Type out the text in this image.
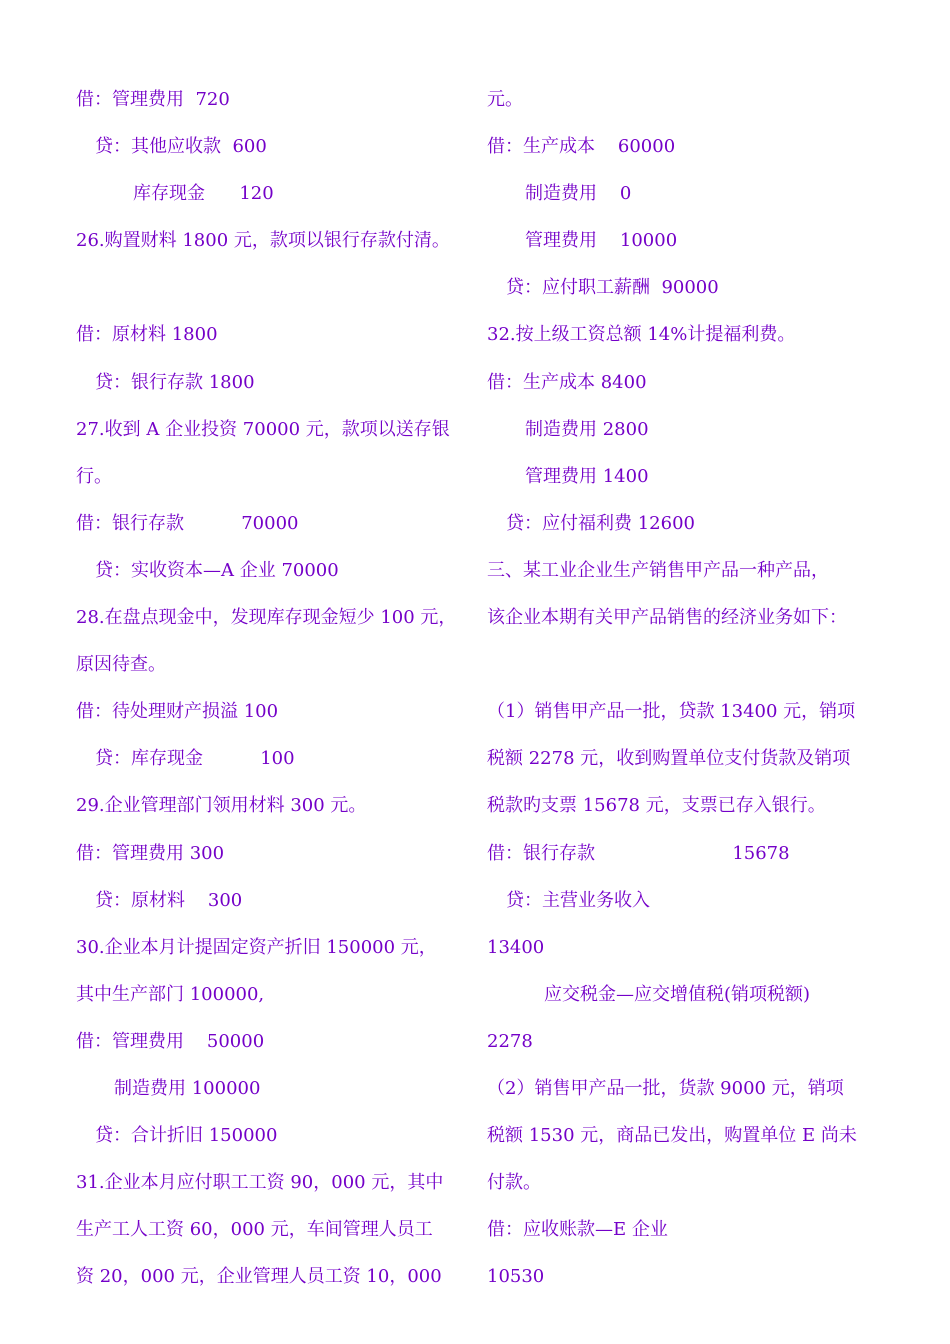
借：管理费用  720
贷：其他应收款  600
库存现金      120
26.购置财料 1800 元，款项以银行存款付清。
借：原材料 1800
贷：银行存款 1800
27.收到 A 企业投资 70000 元，款项以送存银
行。
借：银行存款          70000
贷：实收资本—A 企业 70000
28.在盘点现金中，发现库存现金短少 100 元，
原因待查。
借：待处理财产损溢 100
贷：库存现金          100
29.企业管理部门领用材料 300 元。
借：管理费用 300
贷：原材料    300
30.企业本月计提固定资产折旧 150000 元，
其中生产部门 100000,
借：管理费用    50000
制造费用 100000
贷：合计折旧 150000
31.企业本月应付职工工资 90，000 元，其中
生产工人工资 60，000 元，车间管理人员工
资 20，000 元，企业管理人员工资 10，000
元。
借：生产成本    60000
制造费用    0
管理费用    10000
贷：应付职工薪酬  90000
32.按上级工资总额 14%计提福利费。
借：生产成本 8400
制造费用 2800
管理费用 1400
贷：应付福利费 12600
三、某工业企业生产销售甲产品一种产品，
该企业本期有关甲产品销售的经济业务如下：
（1）销售甲产品一批，贷款 13400 元，销项
税额 2278 元，收到购置单位支付货款及销项
税款旳支票 15678 元，支票已存入银行。
借：银行存款                        15678
贷：主营业务收入
13400
应交税金—应交增值税(销项税额)
2278
（2）销售甲产品一批，货款 9000 元，销项
税额 1530 元，商品已发出，购置单位 E 尚未
付款。
借：应收账款—E 企业
10530
